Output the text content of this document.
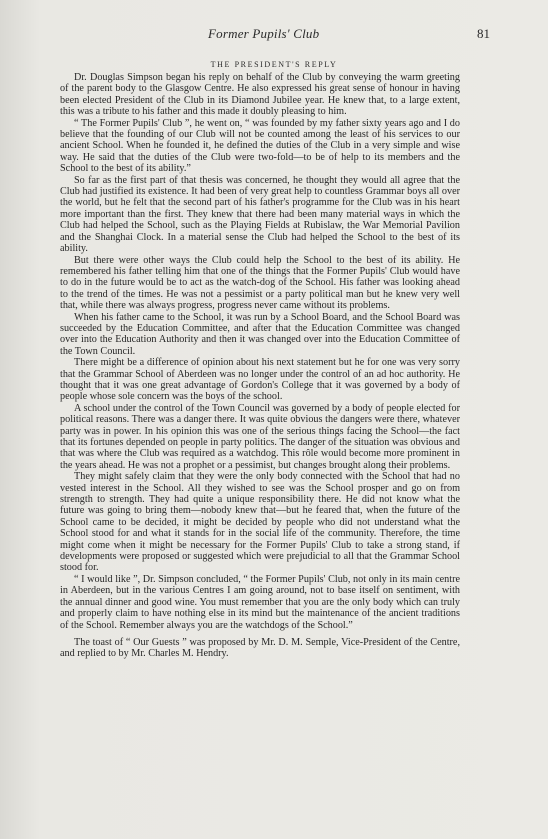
Former Pupils' Club	81
THE PRESIDENT'S REPLY

Dr. Douglas Simpson began his reply on behalf of the Club by conveying the warm greeting of the parent body to the Glasgow Centre. He also expressed his great sense of honour in having been elected President of the Club in its Diamond Jubilee year. He knew that, to a large extent, this was a tribute to his father and this made it doubly pleasing to him.

“ The Former Pupils' Club ”, he went on, “ was founded by my father sixty years ago and I do believe that the founding of our Club will not be counted among the least of his services to our ancient School. When he founded it, he defined the duties of the Club in a very simple and wise way. He said that the duties of the Club were two-fold—to be of help to its members and the School to the best of its ability.”

So far as the first part of that thesis was concerned, he thought they would all agree that the Club had justified its existence. It had been of very great help to countless Grammar boys all over the world, but he felt that the second part of his father's programme for the Club was in his heart more important than the first. They knew that there had been many material ways in which the Club had helped the School, such as the Playing Fields at Rubislaw, the War Memorial Pavilion and the Shanghai Clock. In a material sense the Club had helped the School to the best of its ability.

But there were other ways the Club could help the School to the best of its ability. He remembered his father telling him that one of the things that the Former Pupils' Club would have to do in the future would be to act as the watch-dog of the School. His father was looking ahead to the trend of the times. He was not a pessimist or a party political man but he knew very well that, while there was always progress, progress never came without its problems.

When his father came to the School, it was run by a School Board, and the School Board was succeeded by the Education Committee, and after that the Education Committee was changed over into the Education Authority and then it was changed over into the Education Committee of the Town Council.

There might be a difference of opinion about his next statement but he for one was very sorry that the Grammar School of Aberdeen was no longer under the control of an ad hoc authority. He thought that it was one great advantage of Gordon's College that it was governed by a body of people whose sole concern was the boys of the school.

A school under the control of the Town Council was governed by a body of people elected for political reasons. There was a danger there. It was quite obvious the dangers were there, whatever party was in power. In his opinion this was one of the serious things facing the School—the fact that its fortunes depended on people in party politics. The danger of the situation was obvious and that was where the Club was required as a watchdog. This rôle would become more prominent in the years ahead. He was not a prophet or a pessimist, but changes brought along their problems.

They might safely claim that they were the only body connected with the School that had no vested interest in the School. All they wished to see was the School prosper and go on from strength to strength. They had quite a unique responsibility there. He did not know what the future was going to bring them—nobody knew that—but he feared that, when the future of the School came to be decided, it might be decided by people who did not understand what the School stood for and what it stands for in the social life of the community. Therefore, the time might come when it might be necessary for the Former Pupils' Club to take a strong stand, if developments were proposed or suggested which were prejudicial to all that the Grammar School stood for.

“ I would like ”, Dr. Simpson concluded, “ the Former Pupils' Club, not only in its main centre in Aberdeen, but in the various Centres I am going around, not to base itself on sentiment, with the annual dinner and good wine. You must remember that you are the only body which can truly and properly claim to have nothing else in its mind but the maintenance of the ancient traditions of the School. Remember always you are the watchdogs of the School.”

The toast of “ Our Guests ” was proposed by Mr. D. M. Semple, Vice-President of the Centre, and replied to by Mr. Charles M. Hendry.
